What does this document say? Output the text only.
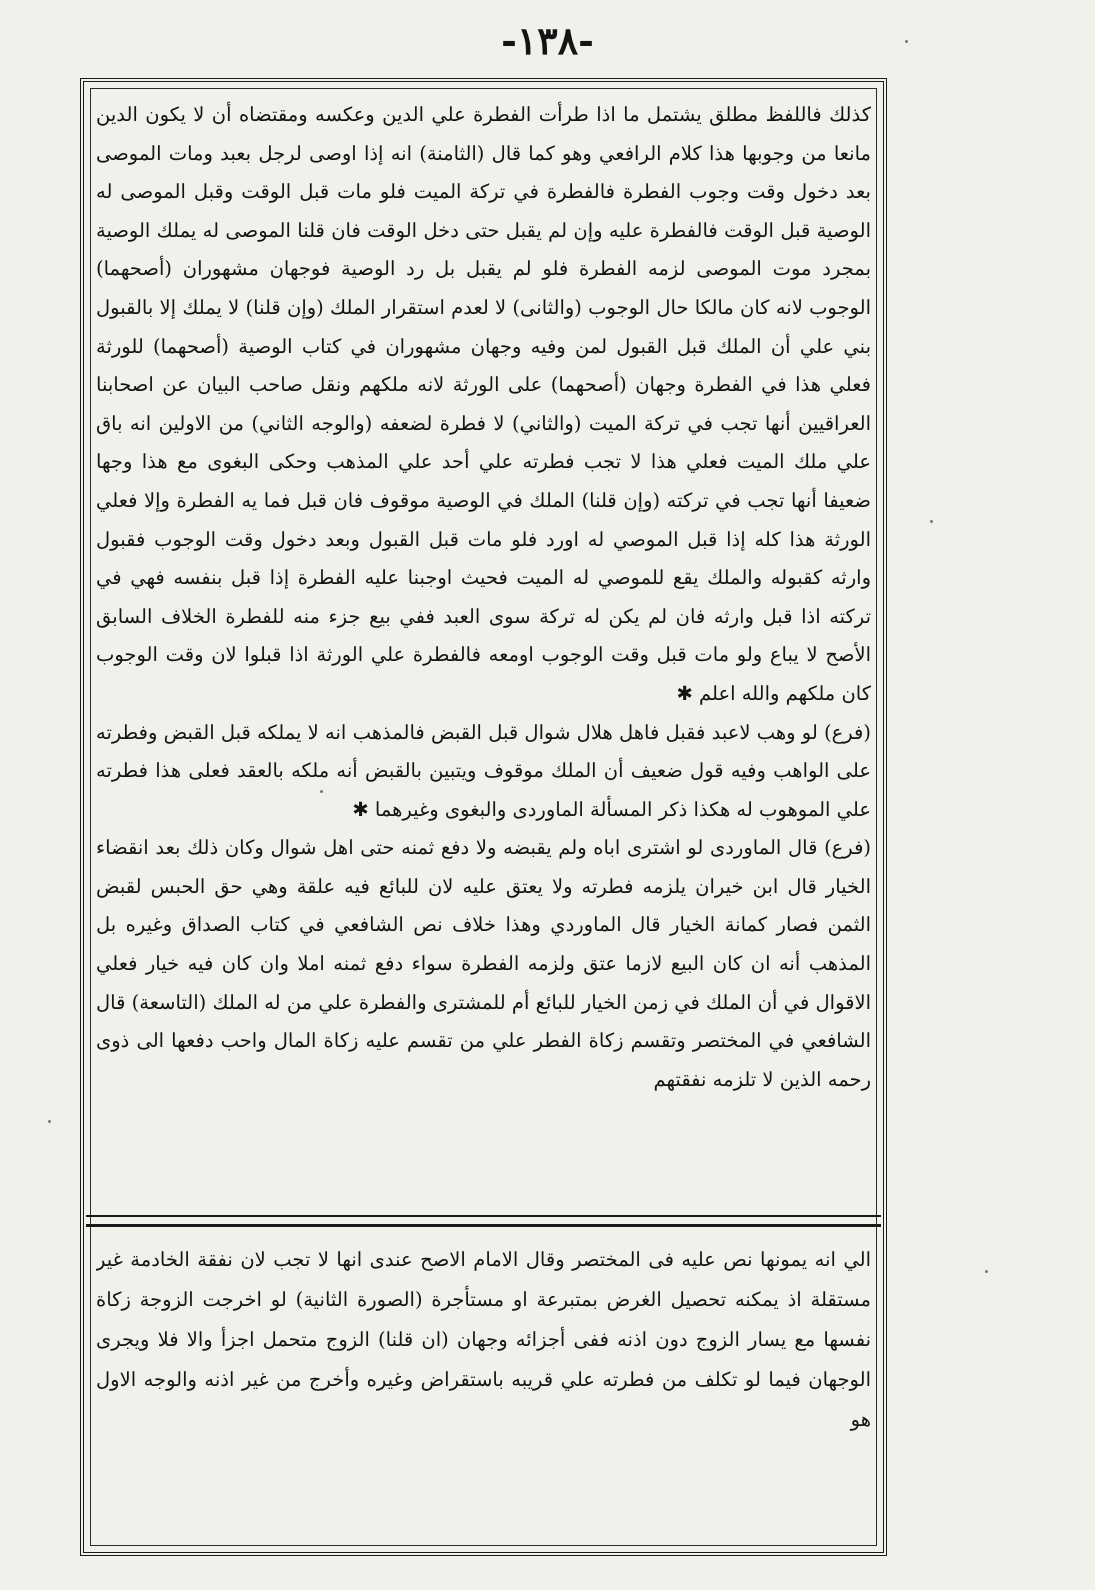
-١٣٨-

كذلك فاللفظ مطلق يشتمل ما اذا طرأت الفطرة علي الدين وعكسه ومقتضاه أن لا يكون الدين مانعا من وجوبها هذا كلام الرافعي وهو كما قال (الثامنة) انه إذا اوصى لرجل بعبد ومات الموصى بعد دخول وقت وجوب الفطرة فالفطرة في تركة الميت فلو مات قبل الوقت وقبل الموصى له الوصية قبل الوقت فالفطرة عليه وإن لم يقبل حتى دخل الوقت فان قلنا الموصى له يملك الوصية بمجرد موت الموصى لزمه الفطرة فلو لم يقبل بل رد الوصية فوجهان مشهوران (أصحهما) الوجوب لانه كان مالكا حال الوجوب (والثانى) لا لعدم استقرار الملك (وإن قلنا) لا يملك إلا بالقبول بني علي أن الملك قبل القبول لمن وفيه وجهان مشهوران في كتاب الوصية (أصحهما) للورثة فعلي هذا في الفطرة وجهان (أصحهما) على الورثة لانه ملكهم ونقل صاحب البيان عن اصحابنا العراقيين أنها تجب في تركة الميت (والثاني) لا فطرة لضعفه (والوجه الثاني) من الاولين انه باق علي ملك الميت فعلي هذا لا تجب فطرته علي أحد علي المذهب وحكى البغوى مع هذا وجها ضعيفا أنها تجب في تركته (وإن قلنا) الملك في الوصية موقوف فان قبل فما يه الفطرة وإلا فعلي الورثة هذا كله إذا قبل الموصي له اورد فلو مات قبل القبول وبعد دخول وقت الوجوب فقبول وارثه كقبوله والملك يقع للموصي له الميت فحيث اوجبنا عليه الفطرة إذا قبل بنفسه فهي في تركته اذا قبل وارثه فان لم يكن له تركة سوى العبد ففي بيع جزء منه للفطرة الخلاف السابق الأصح لا يباع ولو مات قبل وقت الوجوب اومعه فالفطرة علي الورثة اذا قبلوا لان وقت الوجوب كان ملكهم والله اعلم ✱

(فرع) لو وهب لاعبد فقبل فاهل هلال شوال قبل القبض فالمذهب انه لا يملكه قبل القبض وفطرته على الواهب وفيه قول ضعيف أن الملك موقوف ويتبين بالقبض أنه ملكه بالعقد فعلى هذا فطرته علي الموهوب له هكذا ذكر المسألة الماوردى والبغوى وغيرهما ✱

(فرع) قال الماوردى لو اشترى اباه ولم يقبضه ولا دفع ثمنه حتى اهل شوال وكان ذلك بعد انقضاء الخيار قال ابن خيران يلزمه فطرته ولا يعتق عليه لان للبائع فيه علقة وهي حق الحبس لقبض الثمن فصار كمانة الخيار قال الماوردي وهذا خلاف نص الشافعي في كتاب الصداق وغيره بل المذهب أنه ان كان البيع لازما عتق ولزمه الفطرة سواء دفع ثمنه املا وان كان فيه خيار فعلي الاقوال في أن الملك في زمن الخيار للبائع أم للمشترى والفطرة علي من له الملك (التاسعة) قال الشافعي في المختصر وتقسم زكاة الفطر علي من تقسم عليه زكاة المال واحب دفعها الى ذوى رحمه الذين لا تلزمه نفقتهم

الي انه يمونها نص عليه فى المختصر وقال الامام الاصح عندى انها لا تجب لان نفقة الخادمة غير مستقلة اذ يمكنه تحصيل الغرض بمتبرعة او مستأجرة (الصورة الثانية) لو اخرجت الزوجة زكاة نفسها مع يسار الزوج دون اذنه ففى أجزائه وجهان (ان قلنا) الزوج متحمل اجزأ والا فلا ويجرى الوجهان فيما لو تكلف من فطرته علي قريبه باستقراض وغيره وأخرج من غير اذنه والوجه الاول هو
